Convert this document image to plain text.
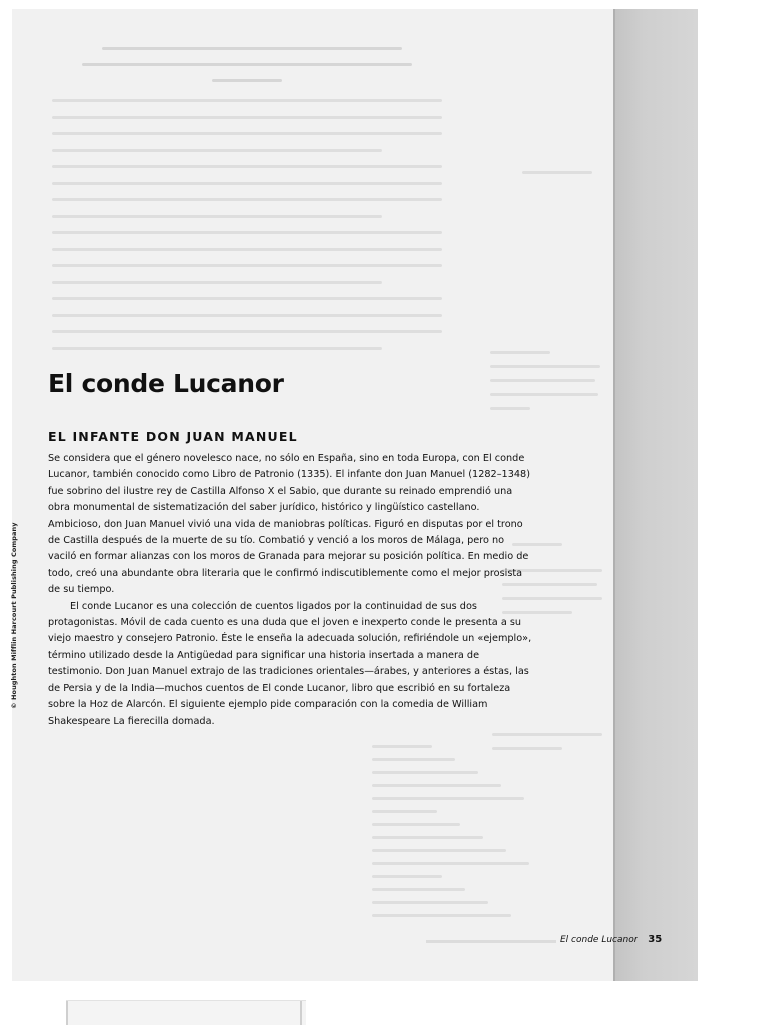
© Houghton Mifflin Harcourt Publishing Company
El conde Lucanor
EL INFANTE DON JUAN MANUEL

Se considera que el género novelesco nace, no sólo en España, sino en toda Europa, con El conde Lucanor, también conocido como Libro de Patronio (1335). El infante don Juan Manuel (1282–1348) fue sobrino del ilustre rey de Castilla Alfonso X el Sabio, que durante su reinado emprendió una obra monumental de sistematización del saber jurídico, histórico y lingüístico castellano. Ambicioso, don Juan Manuel vivió una vida de maniobras políticas. Figuró en disputas por el trono de Castilla después de la muerte de su tío. Combatió y venció a los moros de Málaga, pero no vaciló en formar alianzas con los moros de Granada para mejorar su posición política. En medio de todo, creó una abundante obra literaria que le confirmó indiscutiblemente como el mejor prosista de su tiempo.

El conde Lucanor es una colección de cuentos ligados por la continuidad de sus dos protagonistas. Móvil de cada cuento es una duda que el joven e inexperto conde le presenta a su viejo maestro y consejero Patronio. Éste le enseña la adecuada solución, refiriéndole un «ejemplo», término utilizado desde la Antigüedad para significar una historia insertada a manera de testimonio. Don Juan Manuel extrajo de las tradiciones orientales—árabes, y anteriores a éstas, las de Persia y de la India—muchos cuentos de El conde Lucanor, libro que escribió en su fortaleza sobre la Hoz de Alarcón. El siguiente ejemplo pide comparación con la comedia de William Shakespeare La fierecilla domada.

El conde Lucanor 35
